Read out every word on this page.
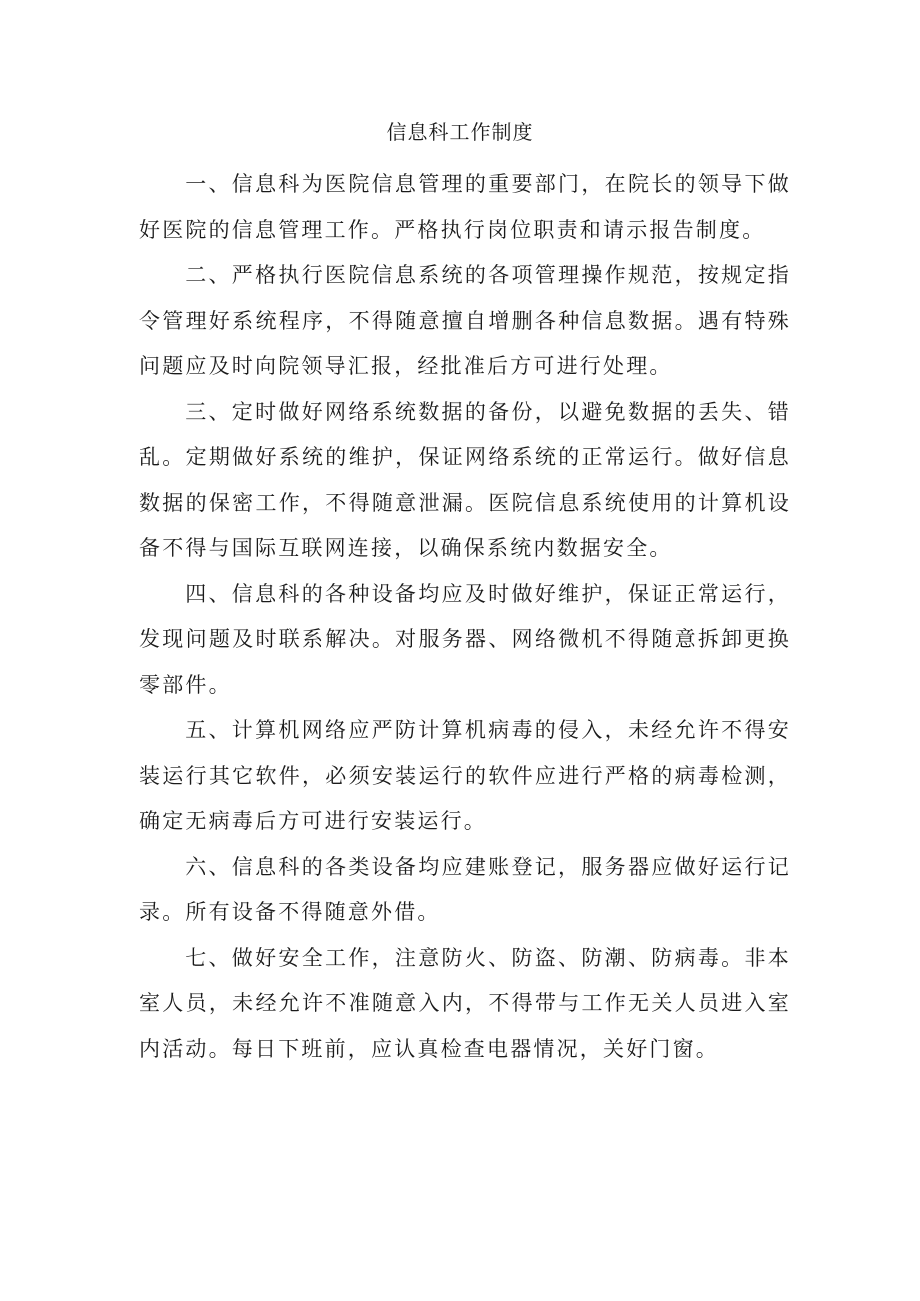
信息科工作制度

一、信息科为医院信息管理的重要部门，在院长的领导下做好医院的信息管理工作。严格执行岗位职责和请示报告制度。

二、严格执行医院信息系统的各项管理操作规范，按规定指令管理好系统程序，不得随意擅自增删各种信息数据。遇有特殊问题应及时向院领导汇报，经批准后方可进行处理。

三、定时做好网络系统数据的备份，以避免数据的丢失、错乱。定期做好系统的维护，保证网络系统的正常运行。做好信息数据的保密工作，不得随意泄漏。医院信息系统使用的计算机设备不得与国际互联网连接，以确保系统内数据安全。

四、信息科的各种设备均应及时做好维护，保证正常运行，发现问题及时联系解决。对服务器、网络微机不得随意拆卸更换零部件。

五、计算机网络应严防计算机病毒的侵入，未经允许不得安装运行其它软件，必须安装运行的软件应进行严格的病毒检测，确定无病毒后方可进行安装运行。

六、信息科的各类设备均应建账登记，服务器应做好运行记录。所有设备不得随意外借。

七、做好安全工作，注意防火、防盗、防潮、防病毒。非本室人员，未经允许不准随意入内，不得带与工作无关人员进入室内活动。每日下班前，应认真检查电器情况，关好门窗。
